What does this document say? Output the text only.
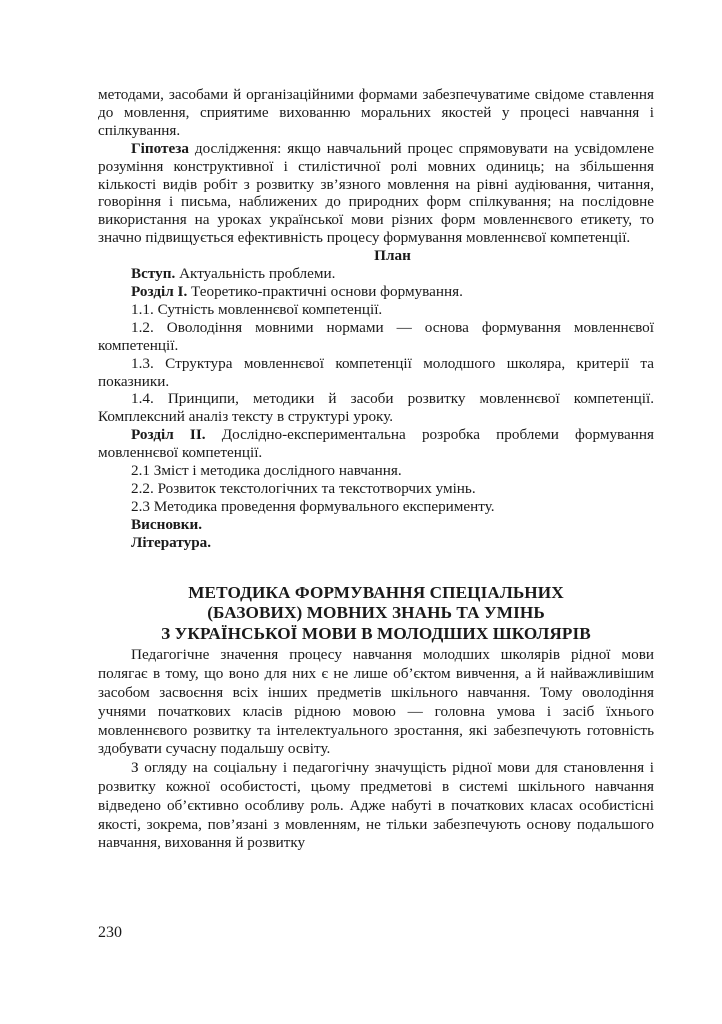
методами, засобами й організаційними формами забезпечуватиме свідоме ставлення до мовлення, сприятиме вихованню моральних якостей у процесі навчання і спілкування.

Гіпотеза дослідження: якщо навчальний процес спрямовувати на усвідомлене розуміння конструктивної і стилістичної ролі мовних одиниць; на збільшення кількості видів робіт з розвитку зв’язного мовлення на рівні аудіювання, читання, говоріння і письма, наближених до природних форм спілкування; на послідовне використання на уроках української мови різних форм мовленнєвого етикету, то значно підвищується ефективність процесу формування мовленнєвої компетенції.

План

Вступ. Актуальність проблеми.

Розділ І. Теоретико-практичні основи формування.

1.1. Сутність мовленнєвої компетенції.

1.2. Оволодіння мовними нормами — основа формування мовленнєвої компетенції.

1.3. Структура мовленнєвої компетенції молодшого школяра, критерії та показники.

1.4. Принципи, методики й засоби розвитку мовленнєвої компетенції. Комплексний аналіз тексту в структурі уроку.

Розділ ІІ. Дослідно-експериментальна розробка проблеми формування мовленнєвої компетенції.

2.1 Зміст і методика дослідного навчання.

2.2. Розвиток текстологічних та текстотворчих умінь.

2.3 Методика проведення формувального експерименту.

Висновки.

Література.

МЕТОДИКА ФОРМУВАННЯ СПЕЦІАЛЬНИХ
(БАЗОВИХ) МОВНИХ ЗНАНЬ ТА УМІНЬ
З УКРАЇНСЬКОЇ МОВИ В МОЛОДШИХ ШКОЛЯРІВ

Педагогічне значення процесу навчання молодших школярів рідної мови полягає в тому, що воно для них є не лише об’єктом вивчення, а й найважливішим засобом засвоєння всіх інших предметів шкільного навчання. Тому оволодіння учнями початкових класів рідною мовою — головна умова і засіб їхнього мовленнєвого розвитку та інтелектуального зростання, які забезпечують готовність здобувати сучасну подальшу освіту.

З огляду на соціальну і педагогічну значущість рідної мови для становлення і розвитку кожної особистості, цьому предметові в системі шкільного навчання відведено об’єктивно особливу роль. Адже набуті в початкових класах особистісні якості, зокрема, пов’язані з мовленням, не тільки забезпечують основу подальшого навчання, виховання й розвитку

230
